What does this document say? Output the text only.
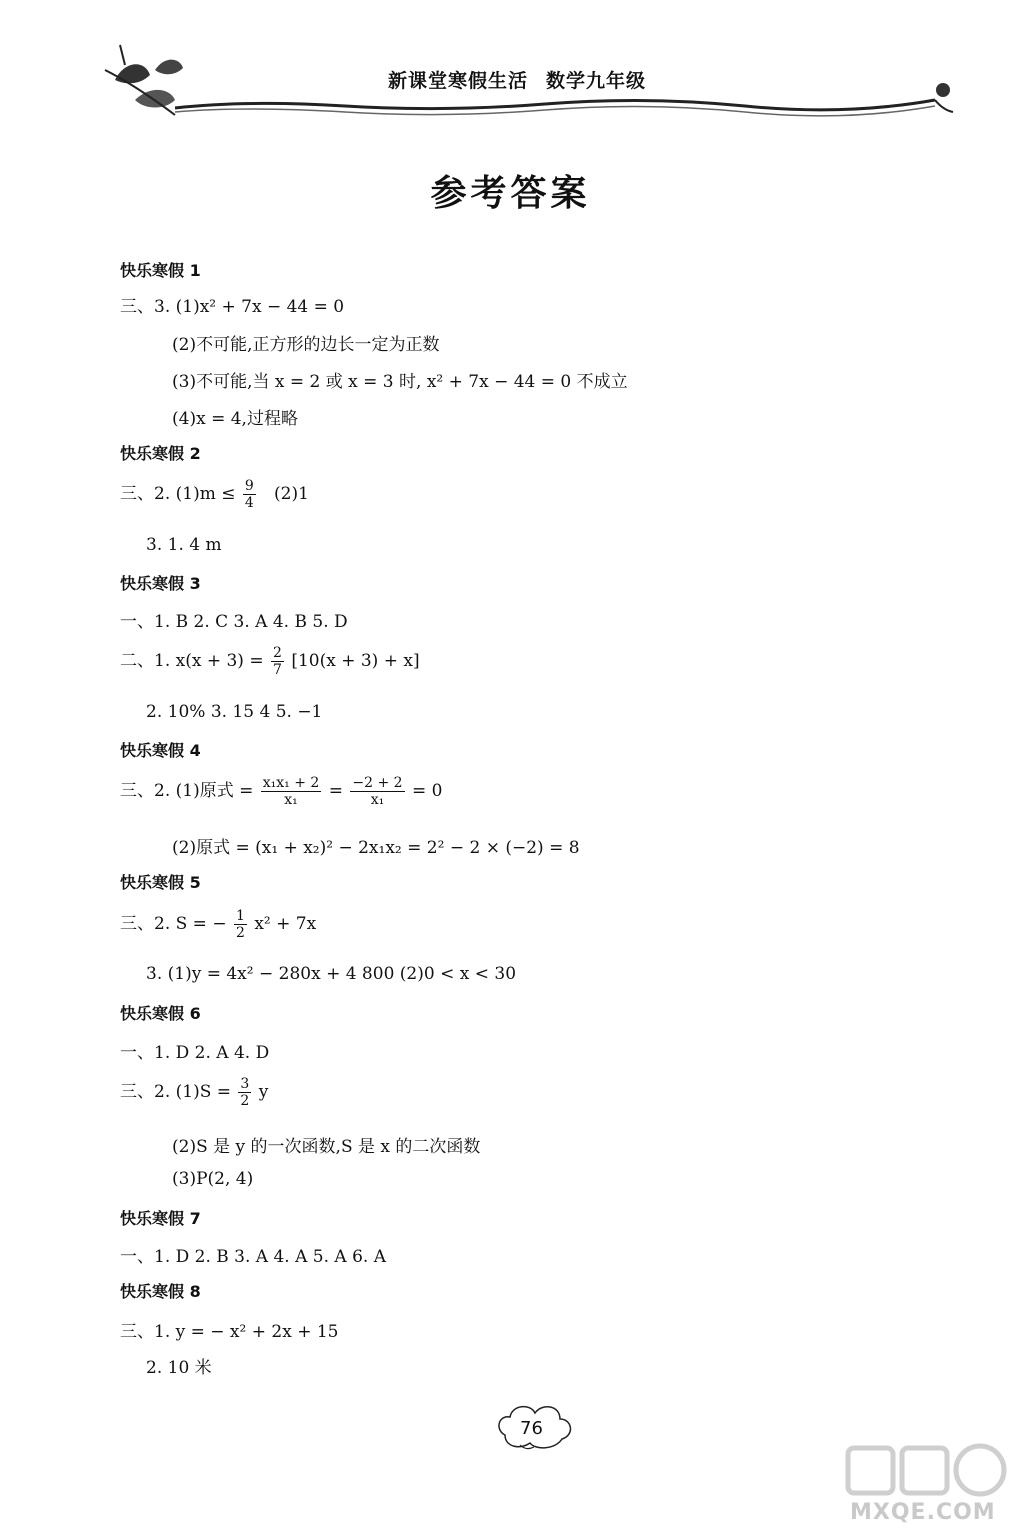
新课堂寒假生活 数学九年级
参考答案
快乐寒假 1
三、3. (1)x² + 7x − 44 = 0
(2)不可能,正方形的边长一定为正数
(3)不可能,当 x = 2 或 x = 3 时, x² + 7x − 44 = 0 不成立
(4)x = 4,过程略
快乐寒假 2
三、2. $(1)m \le \frac{9}{4} (2)1$
3. 1. 4 m
快乐寒假 3
一、1. B 2. C 3. A 4. B 5. D
二、1. $x(x + 3) = \frac{2}{7} [10(x + 3) + x]$
2. 10% 3. 15 4 5. −1
快乐寒假 4
三、2. (1)原式 = $\frac{\text{x₁x₁ + 2}}{\text{x₁}} = \frac{-2 + 2}{\text{x₁}} = 0$
(2)原式 = (x₁ + x₂)² − 2x₁x₂ = 2² − 2 × (−2) = 8
快乐寒假 5
三、2. S = − $\frac{1}{2} x^2 + 7x$
3. (1)y = 4x² − 280x + 4 800 (2)0 < x < 30
快乐寒假 6
一、1. D 2. A 4. D
三、2. $(1)S = \frac{3}{2}$ y
(2)S 是 y 的一次函数,S 是 x 的二次函数
(3)P(2, 4)
快乐寒假 7
一、1. D 2. B 3. A 4. A 5. A 6. A
快乐寒假 8
三、1. y = − x² + 2x + 15
2. 10 米
76
MXQE.COM
